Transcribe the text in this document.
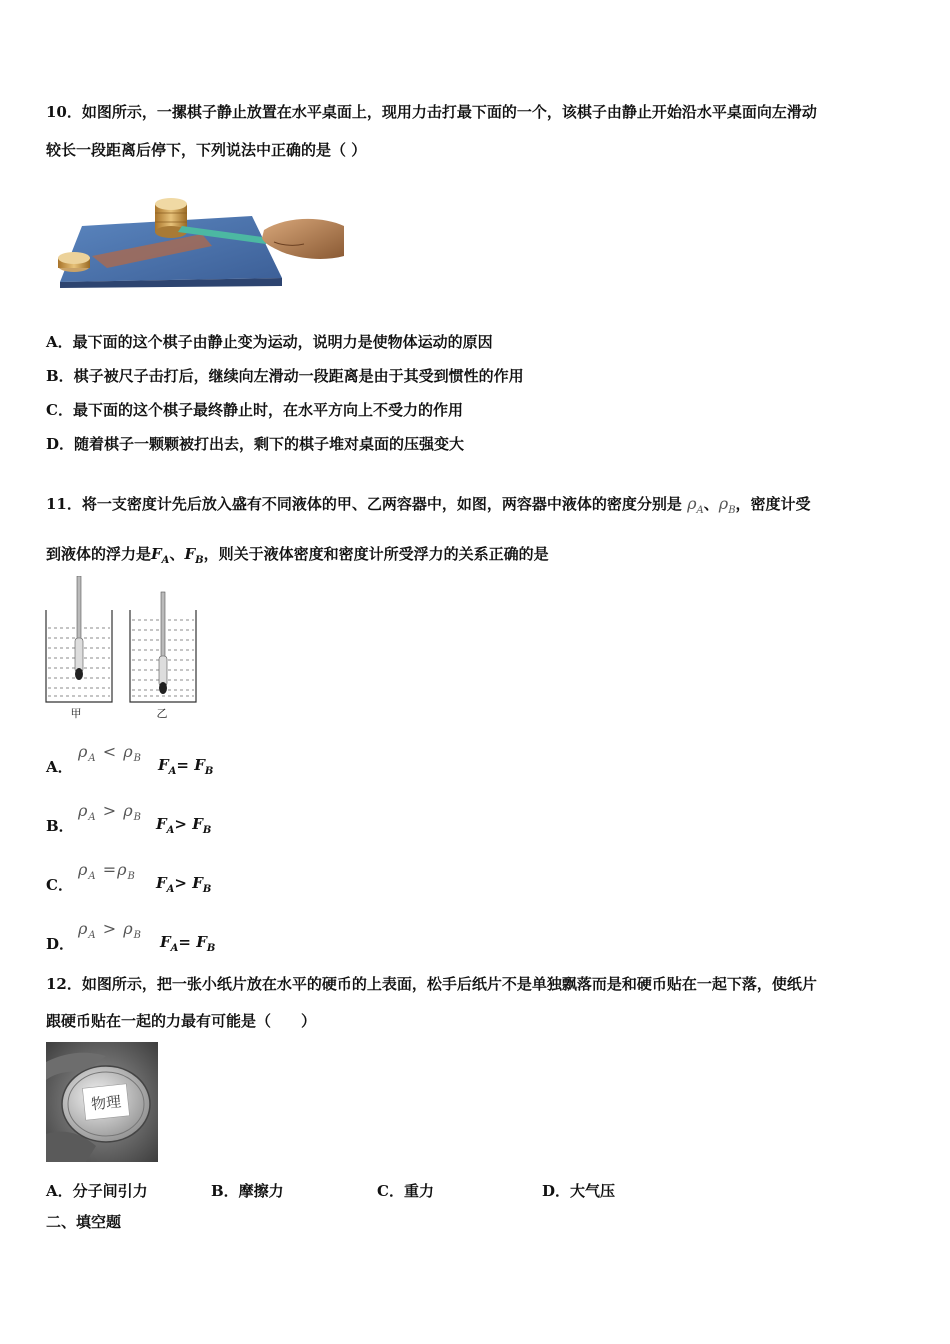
10．如图所示，一摞棋子静止放置在水平桌面上，现用力击打最下面的一个，该棋子由静止开始沿水平桌面向左滑动
较长一段距离后停下，下列说法中正确的是（ ）
A．最下面的这个棋子由静止变为运动，说明力是使物体运动的原因
B．棋子被尺子击打后，继续向左滑动一段距离是由于其受到惯性的作用
C．最下面的这个棋子最终静止时，在水平方向上不受力的作用
D．随着棋子一颗颗被打出去，剩下的棋子堆对桌面的压强变大
11．将一支密度计先后放入盛有不同液体的甲、乙两容器中，如图，两容器中液体的密度分别是 $\rho_A$、$\rho_B$，密度计受
到液体的浮力是$F_A$、$F_B$，则关于液体密度和密度计所受浮力的关系正确的是
甲	乙
A．
$\rho_A < \rho_B$ $F_A= F_B$
B．
$\rho_A > \rho_B$ $F_A> F_B$
C．
$\rho_A =\rho_B$ $F_A> F_B$
D．
$\rho_A > \rho_B$ $F_A= F_B$
12．如图所示，把一张小纸片放在水平的硬币的上表面，松手后纸片不是单独飘落而是和硬币贴在一起下落，使纸片
跟硬币贴在一起的力最有可能是（　　）
物理
A．分子间引力	B．摩擦力	C．重力	D．大气压
二、填空题
